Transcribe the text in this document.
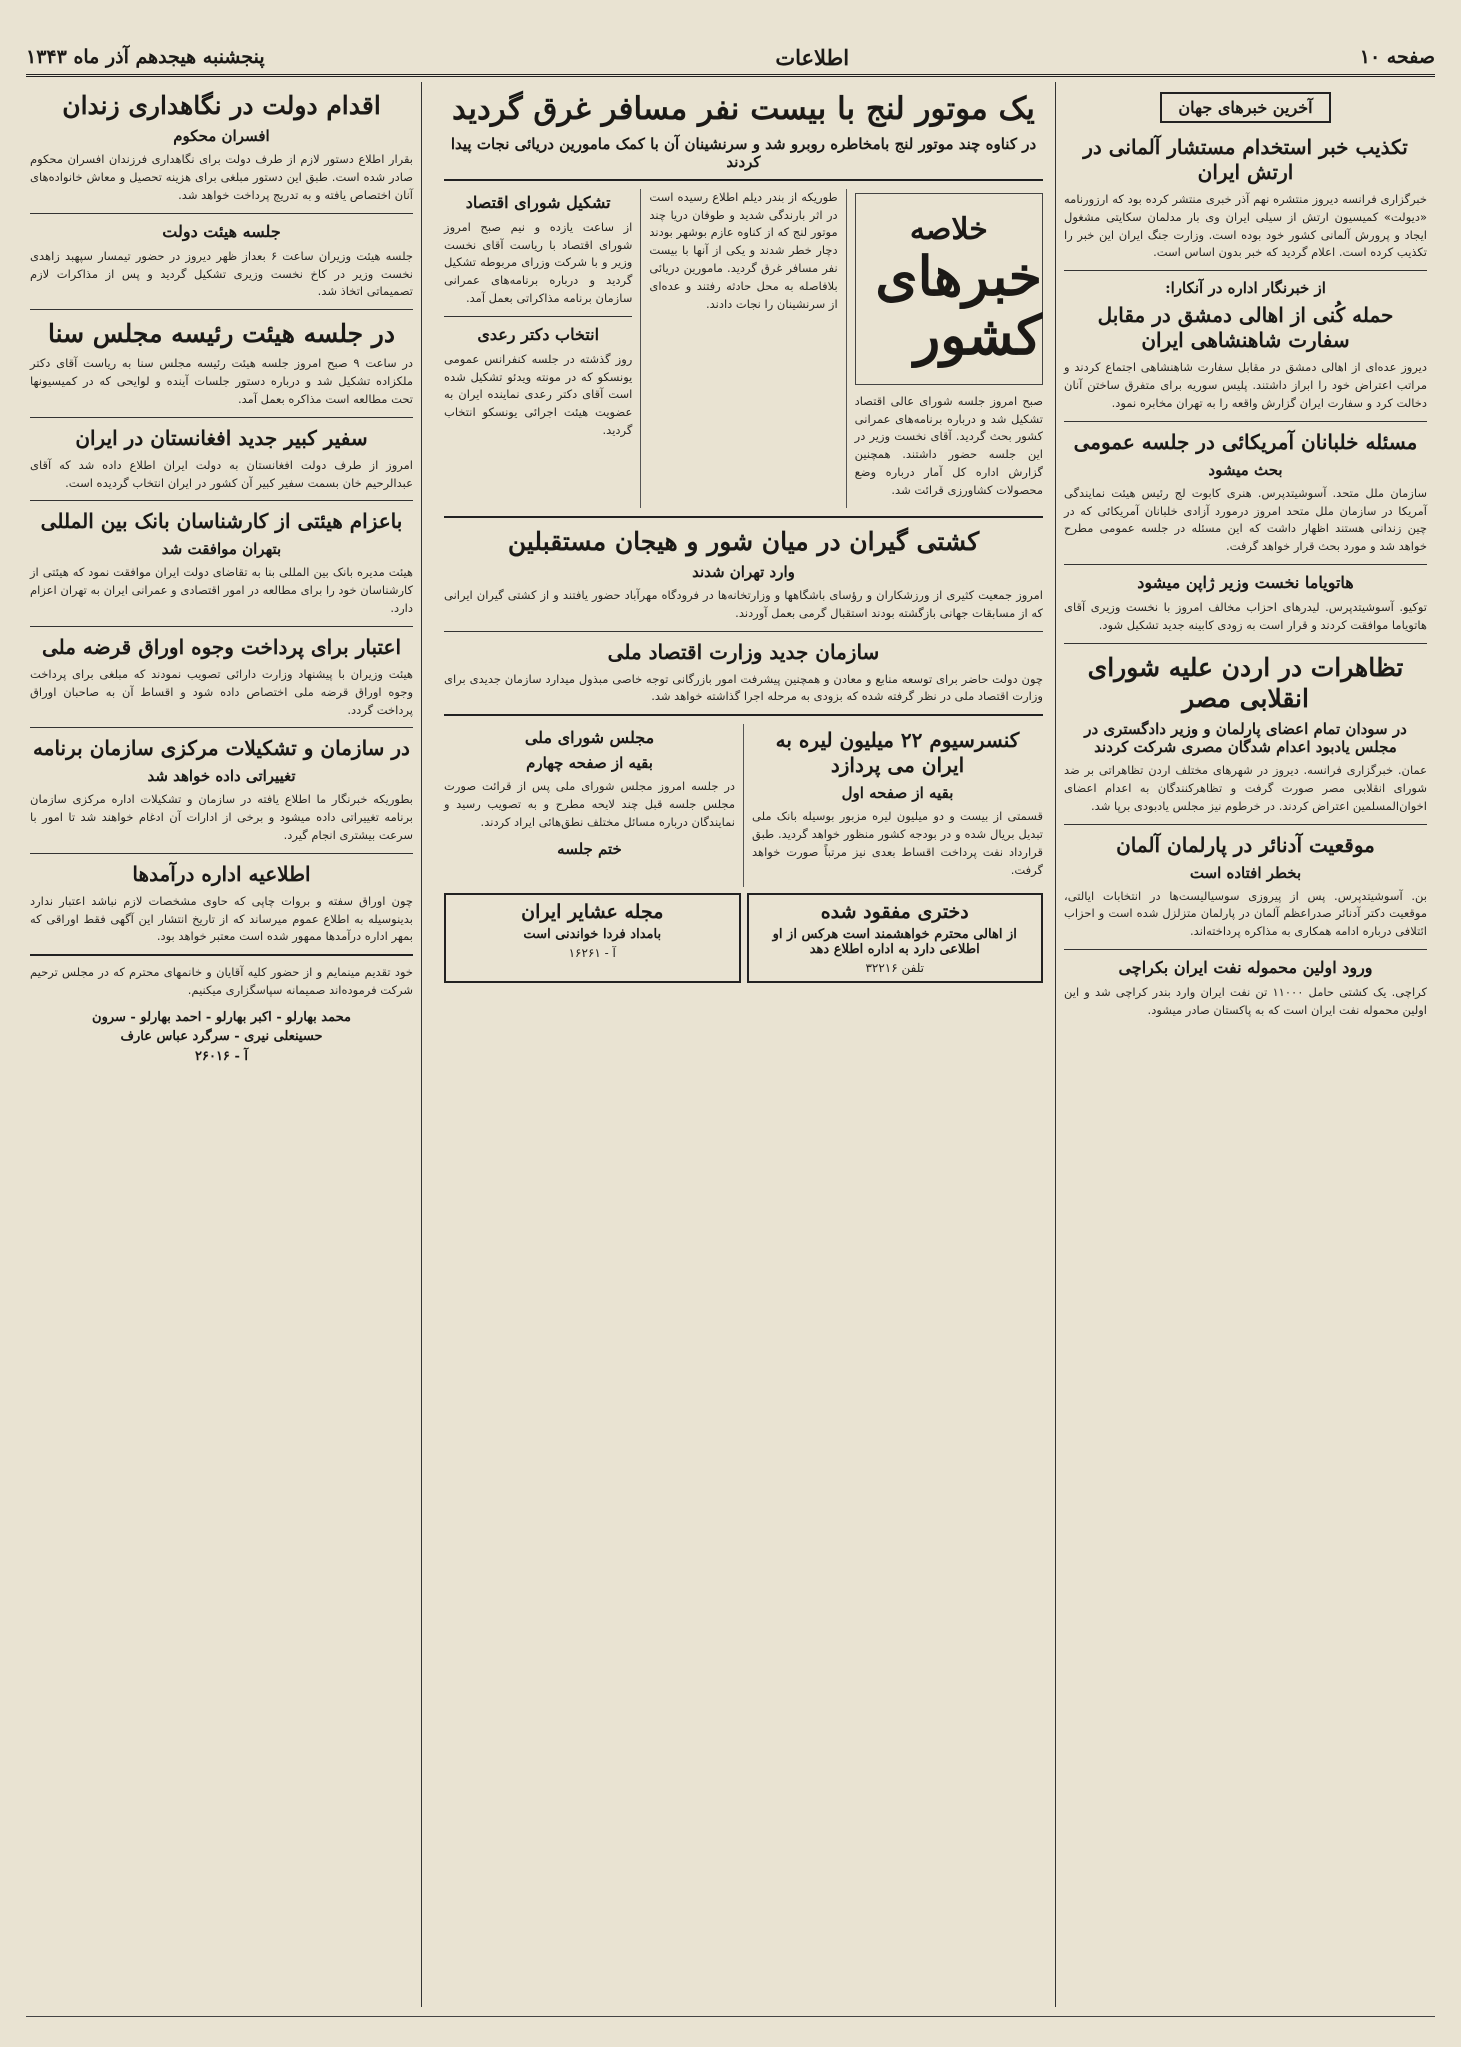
صفحه ۱۰
اطلاعات
پنجشنبه هیجدهم آذر ماه ۱۳۴۳
آخرین خبرهای جهان
تکذیب خبر استخدام مستشار آلمانی در ارتش ایران

خبرگزاری فرانسه دیروز منتشره نهم آذر خبری منتشر کرده بود که ارزورنامه «دیولت» کمیسیون ارتش از سیلی ایران وی بار مدلمان سکایتی مشغول ایجاد و پرورش آلمانی کشور خود بوده است. وزارت جنگ ایران این خبر را تکذیب کرده است. اعلام گردید که خبر بدون اساس است.

از خبرنگار اداره در آنکارا:
حمله کُنی از اهالی دمشق در مقابل سفارت شاهنشاهی ایران

دیروز عده‌ای از اهالی دمشق در مقابل سفارت شاهنشاهی اجتماع کردند و مراتب اعتراض خود را ابراز داشتند. پلیس سوریه برای متفرق ساختن آنان دخالت کرد و سفارت ایران گزارش واقعه را به تهران مخابره نمود.

مسئله خلبانان آمریکائی در جلسه عمومی
بحث میشود

سازمان ملل متحد. آسوشیتدپرس. هنری کابوت لج رئیس هیئت نمایندگی آمریکا در سازمان ملل متحد امروز درمورد آزادی خلبانان آمریکائی که در چین زندانی هستند اظهار داشت که این مسئله در جلسه عمومی مطرح خواهد شد و مورد بحث قرار خواهد گرفت.

هاتویاما نخست وزیر ژاپن میشود

توکیو. آسوشیتدپرس. لیدرهای احزاب مخالف امروز با نخست وزیری آقای هاتویاما موافقت کردند و قرار است به زودی کابینه جدید تشکیل شود.

تظاهرات در اردن علیه شورای انقلابی مصر
در سودان تمام اعضای پارلمان و وزیر دادگستری در مجلس یادبود اعدام شدگان مصری شرکت کردند

عمان. خبرگزاری فرانسه. دیروز در شهرهای مختلف اردن تظاهراتی بر ضد شورای انقلابی مصر صورت گرفت و تظاهرکنندگان به اعدام اعضای اخوان‌المسلمین اعتراض کردند. در خرطوم نیز مجلس یادبودی برپا شد.

موقعیت آدنائر در پارلمان آلمان
بخطر افتاده است

بن. آسوشیتدپرس. پس از پیروزی سوسیالیست‌ها در انتخابات ایالتی، موقعیت دکتر آدنائر صدراعظم آلمان در پارلمان متزلزل شده است و احزاب ائتلافی درباره ادامه همکاری به مذاکره پرداخته‌اند.

ورود اولین محموله نفت ایران بکراچی

کراچی. یک کشتی حامل ۱۱۰۰۰ تن نفت ایران وارد بندر کراچی شد و این اولین محموله نفت ایران است که به پاکستان صادر میشود.

یک موتور لنج با بیست نفر مسافر غرق گردید
در کناوه چند موتور لنج بامخاطره روبرو شد و سرنشینان آن با کمک مامورین دریائی نجات پیدا کردند
خلاصه
خبرهای کشور

صبح امروز جلسه شورای عالی اقتصاد تشکیل شد و درباره برنامه‌های عمرانی کشور بحث گردید. آقای نخست وزیر در این جلسه حضور داشتند. همچنین گزارش اداره کل آمار درباره وضع محصولات کشاورزی قرائت شد.

طوریکه از بندر دیلم اطلاع رسیده است در اثر بارندگی شدید و طوفان دریا چند موتور لنج که از کناوه عازم بوشهر بودند دچار خطر شدند و یکی از آنها با بیست نفر مسافر غرق گردید. مامورین دریائی بلافاصله به محل حادثه رفتند و عده‌ای از سرنشینان را نجات دادند.

تشکیل شورای اقتصاد

از ساعت یازده و نیم صبح امروز شورای اقتصاد با ریاست آقای نخست وزیر و با شرکت وزرای مربوطه تشکیل گردید و درباره برنامه‌های عمرانی سازمان برنامه مذاکراتی بعمل آمد.

انتخاب دکتر رعدی

روز گذشته در جلسه کنفرانس عمومی یونسکو که در مونته ویدئو تشکیل شده است آقای دکتر رعدی نماینده ایران به عضویت هیئت اجرائی یونسکو انتخاب گردید.

کشتی گیران در میان شور و هیجان مستقبلین
وارد تهران شدند

امروز جمعیت کثیری از ورزشکاران و رؤسای باشگاهها و وزارتخانه‌ها در فرودگاه مهرآباد حضور یافتند و از کشتی گیران ایرانی که از مسابقات جهانی بازگشته بودند استقبال گرمی بعمل آوردند.

سازمان جدید وزارت اقتصاد ملی

چون دولت حاضر برای توسعه منابع و معادن و همچنین پیشرفت امور بازرگانی توجه خاصی مبذول میدارد سازمان جدیدی برای وزارت اقتصاد ملی در نظر گرفته شده که بزودی به مرحله اجرا گذاشته خواهد شد.

کنسرسیوم ۲۲ میلیون لیره به ایران می پردازد
بقیه از صفحه اول

قسمتی از بیست و دو میلیون لیره مزبور بوسیله بانک ملی تبدیل بریال شده و در بودجه کشور منظور خواهد گردید. طبق قرارداد نفت پرداخت اقساط بعدی نیز مرتباً صورت خواهد گرفت.

مجلس شورای ملی
بقیه از صفحه چهارم

در جلسه امروز مجلس شورای ملی پس از قرائت صورت مجلس جلسه قبل چند لایحه مطرح و به تصویب رسید و نمایندگان درباره مسائل مختلف نطق‌هائی ایراد کردند.

ختم جلسه
دختری مفقود شده
از اهالی محترم خواهشمند است هرکس از او اطلاعی دارد به اداره اطلاع دهد
تلفن ۳۲۲۱۶
مجله عشایر ایران
بامداد فردا خواندنی است
آ - ۱۶۲۶۱
اقدام دولت در نگاهداری زندان
افسران محکوم

بقرار اطلاع دستور لازم از طرف دولت برای نگاهداری فرزندان افسران محکوم صادر شده است. طبق این دستور مبلغی برای هزینه تحصیل و معاش خانواده‌های آنان اختصاص یافته و به تدریج پرداخت خواهد شد.

جلسه هیئت دولت

جلسه هیئت وزیران ساعت ۶ بعداز ظهر دیروز در حضور تیمسار سپهبد زاهدی نخست وزیر در کاخ نخست وزیری تشکیل گردید و پس از مذاکرات لازم تصمیماتی اتخاذ شد.

در جلسه هیئت رئیسه مجلس سنا

در ساعت ۹ صبح امروز جلسه هیئت رئیسه مجلس سنا به ریاست آقای دکتر ملکزاده تشکیل شد و درباره دستور جلسات آینده و لوایحی که در کمیسیونها تحت مطالعه است مذاکره بعمل آمد.

سفیر کبیر جدید افغانستان در ایران

امروز از طرف دولت افغانستان به دولت ایران اطلاع داده شد که آقای عبدالرحیم خان بسمت سفیر کبیر آن کشور در ایران انتخاب گردیده است.

باعزام هیئتی از کارشناسان بانک بین المللی
بتهران موافقت شد

هیئت مدیره بانک بین المللی بنا به تقاضای دولت ایران موافقت نمود که هیئتی از کارشناسان خود را برای مطالعه در امور اقتصادی و عمرانی ایران به تهران اعزام دارد.

اعتبار برای پرداخت وجوه اوراق قرضه ملی

هیئت وزیران با پیشنهاد وزارت دارائی تصویب نمودند که مبلغی برای پرداخت وجوه اوراق قرضه ملی اختصاص داده شود و اقساط آن به صاحبان اوراق پرداخت گردد.

در سازمان و تشکیلات مرکزی سازمان برنامه
تغییراتی داده خواهد شد

بطوریکه خبرنگار ما اطلاع یافته در سازمان و تشکیلات اداره مرکزی سازمان برنامه تغییراتی داده میشود و برخی از ادارات آن ادغام خواهند شد تا امور با سرعت بیشتری انجام گیرد.

اطلاعیه اداره درآمدها

چون اوراق سفته و بروات چاپی که حاوی مشخصات لازم نباشد اعتبار ندارد بدینوسیله به اطلاع عموم میرساند که از تاریخ انتشار این آگهی فقط اوراقی که بمهر اداره درآمدها ممهور شده است معتبر خواهد بود.

خود تقدیم مینمایم و از حضور کلیه آقایان و خانمهای محترم که در مجلس ترحیم شرکت فرموده‌اند صمیمانه سپاسگزاری میکنیم.

محمد بهارلو - اکبر بهارلو - احمد بهارلو - سرون
حسینعلی نیری - سرگرد عباس عارف
آ - ۲۶۰۱۶
